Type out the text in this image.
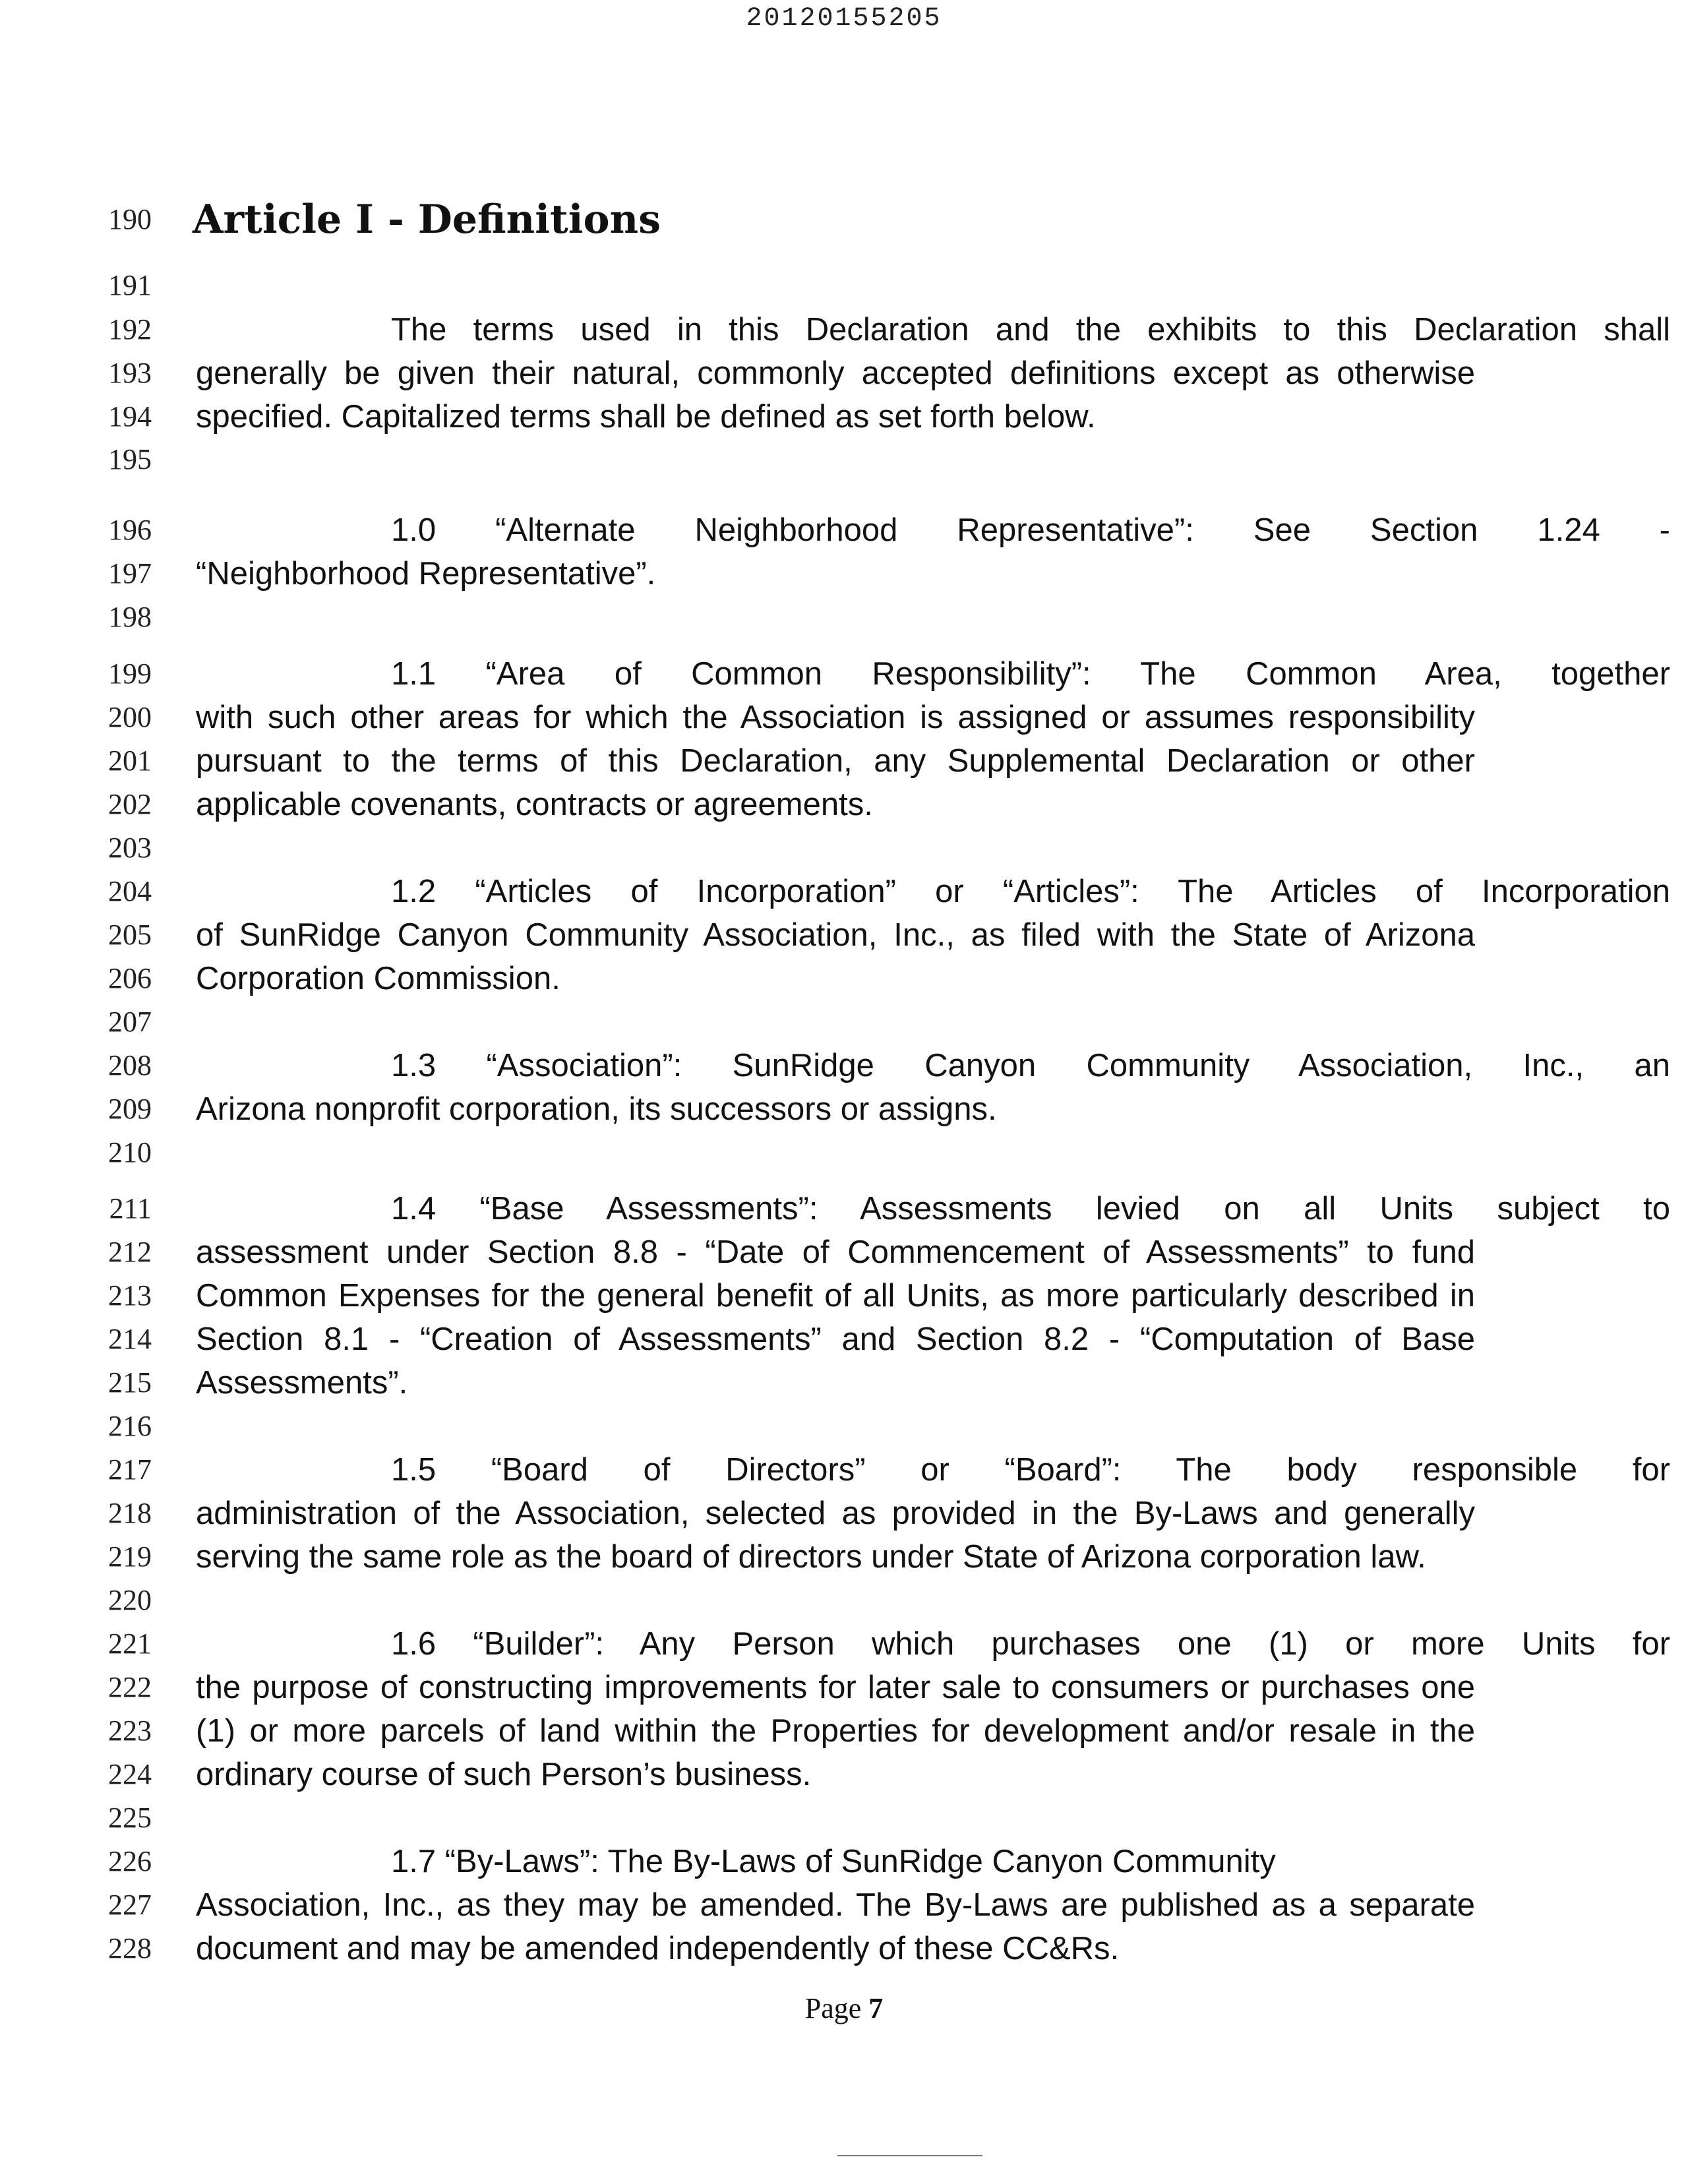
20120155205
190
191
192
193
194
195
196
197
198
199
200
201
202
203
204
205
206
207
208
209
210
211
212
213
214
215
216
217
218
219
220
221
222
223
224
225
226
227
228
Article I - Definitions
The terms used in this Declaration and the exhibits to this Declaration shall
generally be given their natural, commonly accepted definitions except as otherwise
specified. Capitalized terms shall be defined as set forth below.
1.0 “Alternate Neighborhood Representative”: See Section 1.24 -
“Neighborhood Representative”.
1.1 “Area of Common Responsibility”: The Common Area, together
with such other areas for which the Association is assigned or assumes responsibility
pursuant to the terms of this Declaration, any Supplemental Declaration or other
applicable covenants, contracts or agreements.
1.2 “Articles of Incorporation” or “Articles”: The Articles of Incorporation
of SunRidge Canyon Community Association, Inc., as filed with the State of Arizona
Corporation Commission.
1.3 “Association”: SunRidge Canyon Community Association, Inc., an
Arizona nonprofit corporation, its successors or assigns.
1.4 “Base Assessments”: Assessments levied on all Units subject to
assessment under Section 8.8 - “Date of Commencement of Assessments” to fund
Common Expenses for the general benefit of all Units, as more particularly described in
Section 8.1 - “Creation of Assessments” and Section 8.2 - “Computation of Base
Assessments”.
1.5 “Board of Directors” or “Board”: The body responsible for
administration of the Association, selected as provided in the By-Laws and generally
serving the same role as the board of directors under State of Arizona corporation law.
1.6 “Builder”: Any Person which purchases one (1) or more Units for
the purpose of constructing improvements for later sale to consumers or purchases one
(1) or more parcels of land within the Properties for development and/or resale in the
ordinary course of such Person’s business.
1.7 “By-Laws”: The By-Laws of SunRidge Canyon Community
Association, Inc., as they may be amended. The By-Laws are published as a separate
document and may be amended independently of these CC&Rs.
Page 7
